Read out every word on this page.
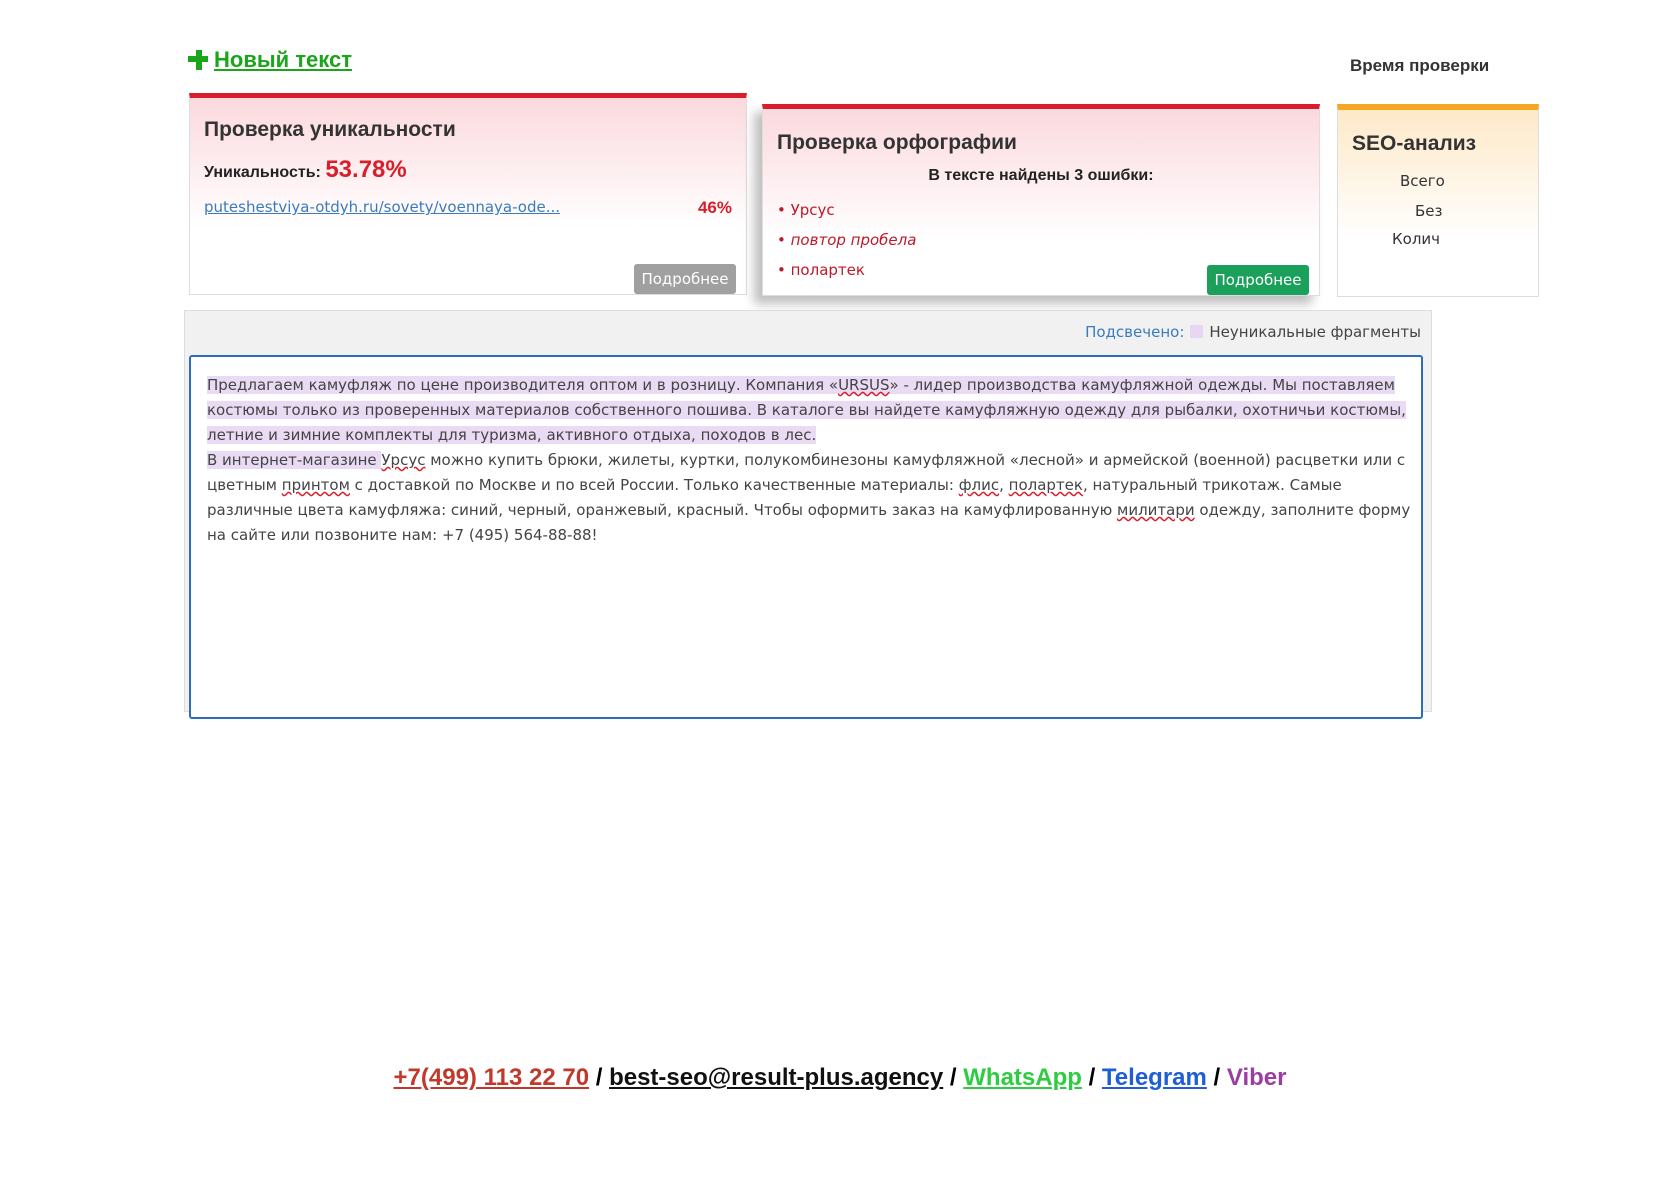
Новый текст	Время проверки
Проверка уникальности
Уникальность: 53.78%
puteshestviya-otdyh.ru/sovety/voennaya-ode...	46%
Подробнее
Проверка орфографии
В тексте найдены 3 ошибки:
• Урсус
• повтор пробела
• полартек
Подробнее
SEO-анализ
Всего
Без
Колич
Подсвечено: Неуникальные фрагменты

Предлагаем камуфляж по цене производителя оптом и в розницу. Компания «URSUS» - лидер производства камуфляжной одежды. Мы поставляем костюмы только из проверенных материалов собственного пошива. В каталоге вы найдете камуфляжную одежду для рыбалки, охотничьи костюмы, летние и зимние комплекты для туризма, активного отдыха, походов в лес.

В интернет-магазине Урсус можно купить брюки, жилеты, куртки, полукомбинезоны камуфляжной «лесной» и армейской (военной) расцветки или с цветным принтом с доставкой по Москве и по всей России. Только качественные материалы: флис, полартек, натуральный трикотаж. Самые различные цвета камуфляжа: синий, черный, оранжевый, красный. Чтобы оформить заказ на камуфлированную милитари одежду, заполните форму на сайте или позвоните нам: +7 (495) 564-88-88!

+7(499) 113 22 70 / best-seo@result-plus.agency / WhatsApp / Telegram / Viber
